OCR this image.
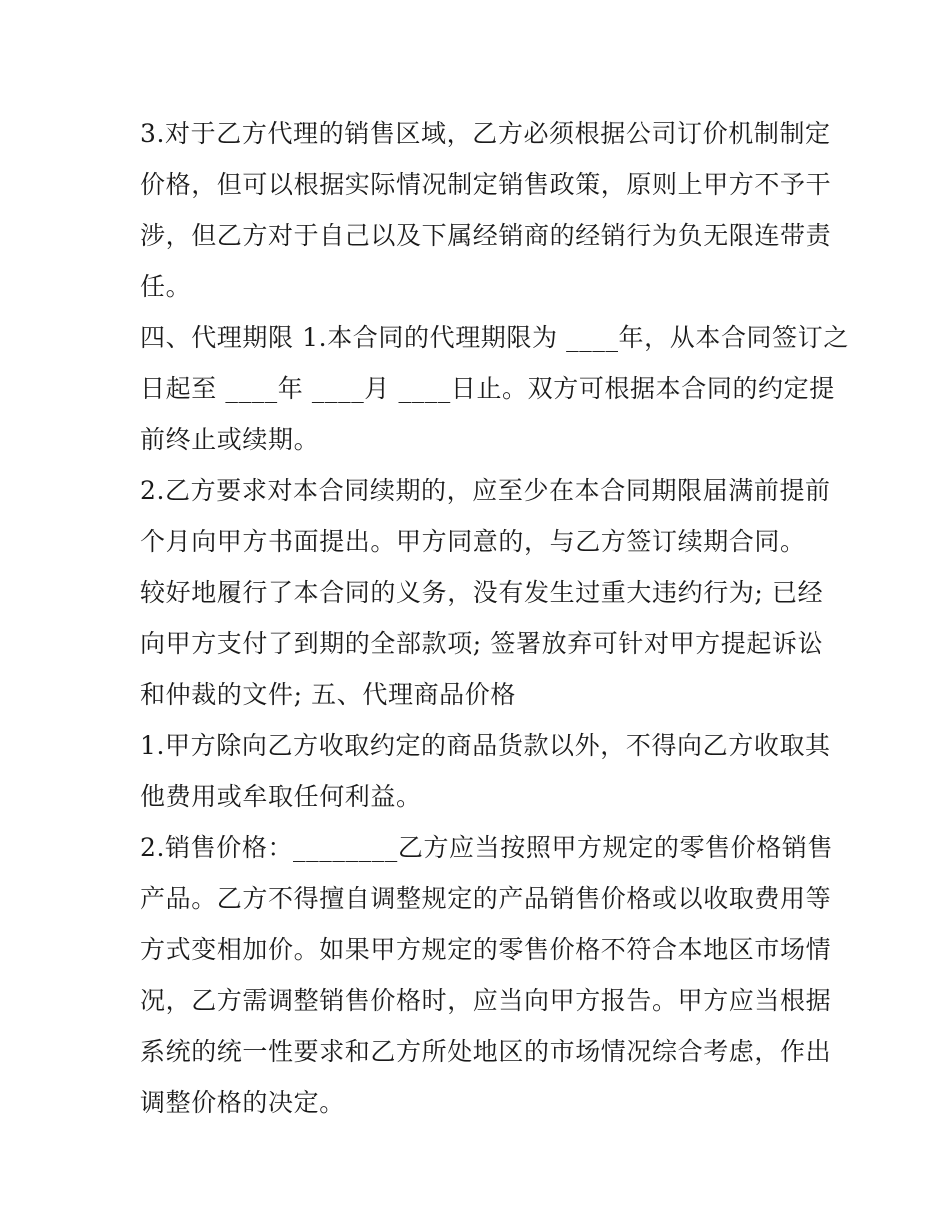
3.对于乙方代理的销售区域，乙方必须根据公司订价机制制定
价格，但可以根据实际情况制定销售政策，原则上甲方不予干
涉，但乙方对于自己以及下属经销商的经销行为负无限连带责
任。
四、代理期限 1.本合同的代理期限为 ____年，从本合同签订之
日起至 ____年 ____月 ____日止。双方可根据本合同的约定提
前终止或续期。
2.乙方要求对本合同续期的，应至少在本合同期限届满前提前
个月向甲方书面提出。甲方同意的，与乙方签订续期合同。
较好地履行了本合同的义务，没有发生过重大违约行为; 已经
向甲方支付了到期的全部款项; 签署放弃可针对甲方提起诉讼
和仲裁的文件; 五、代理商品价格
1.甲方除向乙方收取约定的商品货款以外，不得向乙方收取其
他费用或牟取任何利益。
2.销售价格：________乙方应当按照甲方规定的零售价格销售
产品。乙方不得擅自调整规定的产品销售价格或以收取费用等
方式变相加价。如果甲方规定的零售价格不符合本地区市场情
况，乙方需调整销售价格时，应当向甲方报告。甲方应当根据
系统的统一性要求和乙方所处地区的市场情况综合考虑，作出
调整价格的决定。
